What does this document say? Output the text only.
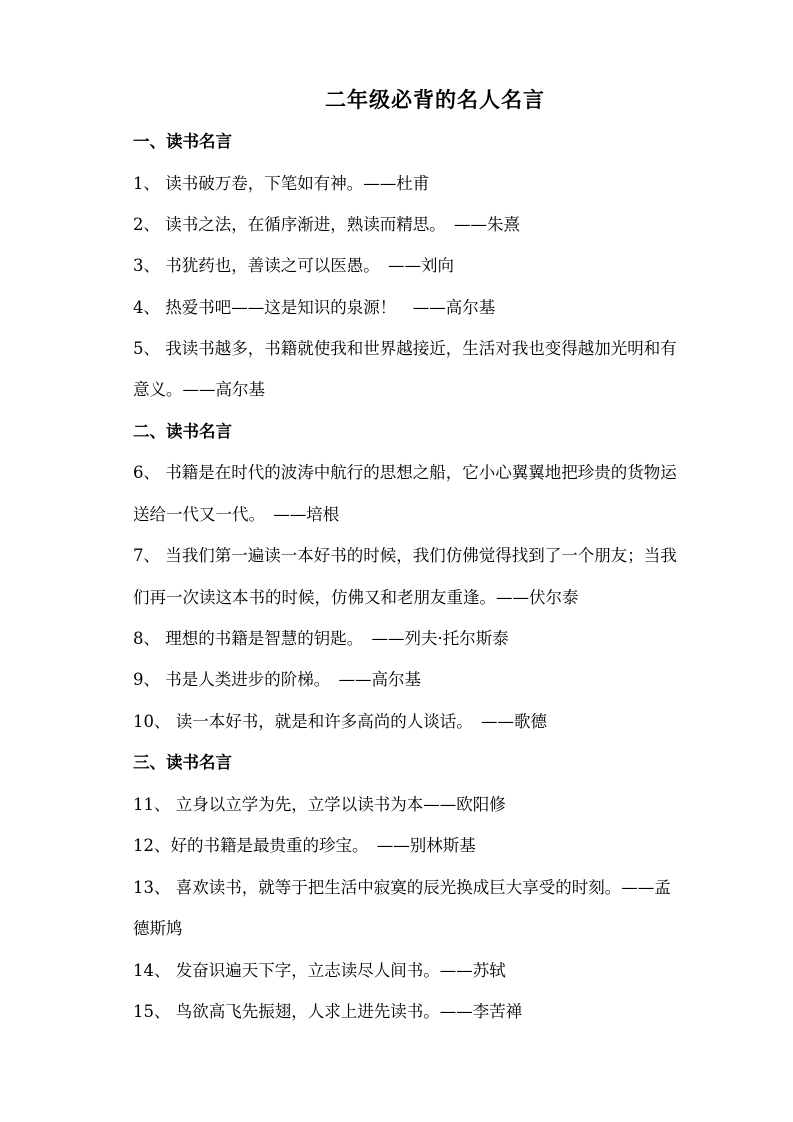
二年级必背的名人名言
一、读书名言
1、 读书破万卷，下笔如有神。——杜甫
2、 读书之法，在循序渐进，熟读而精思。　——朱熹
3、 书犹药也，善读之可以医愚。　——刘向
4、 热爱书吧——这是知识的泉源！　——高尔基
5、 我读书越多，书籍就使我和世界越接近，生活对我也变得越加光明和有
意义。——高尔基
二、读书名言
6、 书籍是在时代的波涛中航行的思想之船，它小心翼翼地把珍贵的货物运
送给一代又一代。　——培根
7、 当我们第一遍读一本好书的时候，我们仿佛觉得找到了一个朋友；当我
们再一次读这本书的时候，仿佛又和老朋友重逢。——伏尔泰
8、 理想的书籍是智慧的钥匙。　——列夫·托尔斯泰
9、 书是人类进步的阶梯。　——高尔基
10、 读一本好书，就是和许多高尚的人谈话。　——歌德
三、读书名言
11、 立身以立学为先，立学以读书为本——欧阳修
12、好的书籍是最贵重的珍宝。　——别林斯基
13、 喜欢读书，就等于把生活中寂寞的辰光换成巨大享受的时刻。——孟
德斯鸠
14、 发奋识遍天下字，立志读尽人间书。——苏轼
15、 鸟欲高飞先振翅，人求上进先读书。——李苦禅
